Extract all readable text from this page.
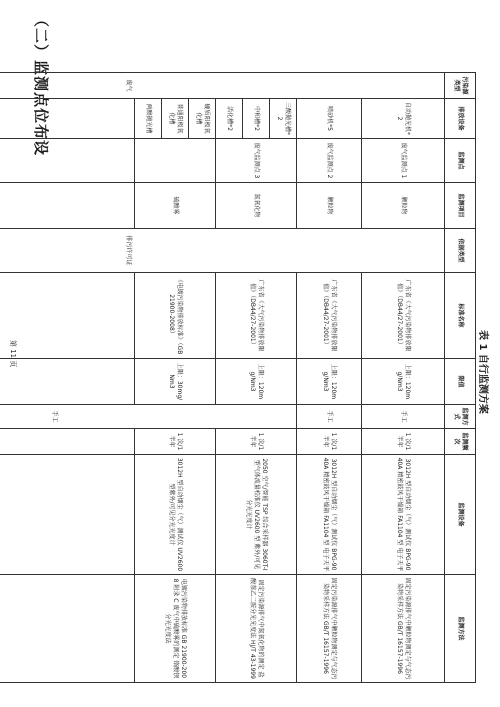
（二）监测点位布设
表 1 自行监测方案
污染源类型	排放设备	监测点	监测项目	依据类型	标准名称	限值	监测方式	监测频次	监测设备	监测方法	
废气	自动抛光机*2	废气监测点 1	颗粒物	排污许可证	广东省《大气污染物排放限值》（DB44/27-2001）	上限：120mg/Nm3	手工	1 次/1 半年	3012H 型自动烟尘（气）测试仪 BPG-9040A 精密鼓风干燥箱 FA1104 型 电子天平	固定污染源排气中颗粒物测定与气态污染物采样方法 GB/T 16157-1996	
	喷砂机*5	废气监测点 2	颗粒物		广东省《大气污染物排放限值》（DB44/27-2001）	上限：120mg/Nm3	手工	1 次/1 半年	3012H 型自动烟尘（气）测试仪 BPG-9040A 精密鼓风干燥箱 FA1104 型 电子天平	固定污染源排气中颗粒物测定与气态污染物采样方法 GB/T 16157-1996	
	三酸抛光槽*2	废气监测点 3	氮氧化物		广东省《大气污染物排放限值》（DB44/27-2001）	上限：120mg/Nm3	手工	1 次/1 半年	2050 空气/智能 TSP 综合采样器 3060T-I型气体流量校准仪 UV2600 型 紫外/可见分光光度计	固定污染源排气中氮氧化物的测定 盐酸萘乙二胺分光光度法 HJ/T 43-1999	
	中和槽*2										
	活化槽*2										
	硬质阳极氧化槽		硫酸雾		《电镀污染物排放标准》（GB 21900-2008）	上限：30mg/Nm3		1 次/1 半年	3012H 型自动烟尘（气）测试仪 UV2600 型紫外/可见分光光度计	电镀污染物排放标准 GB 21900-2008 附录 C 废气中硫酸雾的测定 铬酸钡分光光度法	
	普通阳极氧化槽										
	两酸抛光槽										

第 11 页
